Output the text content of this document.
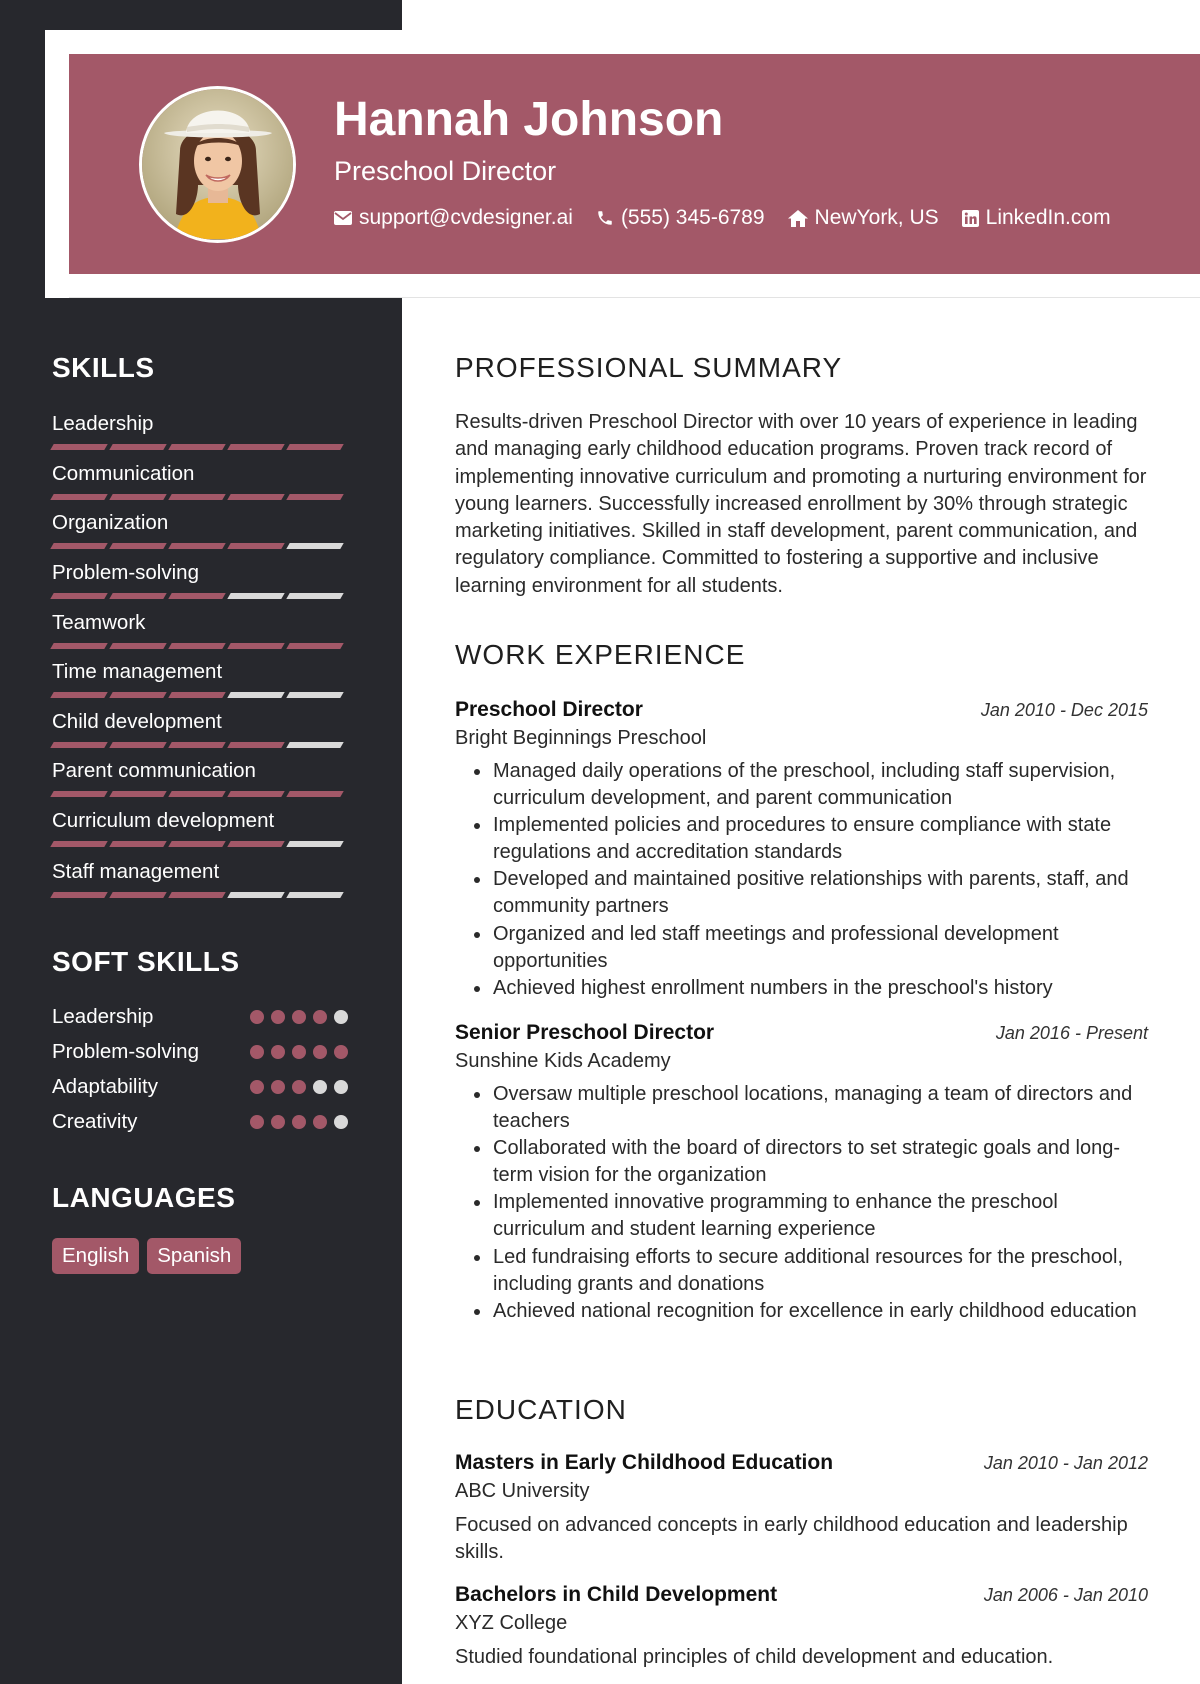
Hannah Johnson
Preschool Director
support@cvdesigner.ai (555) 345-6789 NewYork, US LinkedIn.com
SKILLS
Leadership
Communication
Organization
Problem-solving
Teamwork
Time management
Child development
Parent communication
Curriculum development
Staff management
SOFT SKILLS
Leadership
Problem-solving
Adaptability
Creativity
LANGUAGES
English	Spanish
PROFESSIONAL SUMMARY

Results-driven Preschool Director with over 10 years of experience in leading and managing early childhood education programs. Proven track record of implementing innovative curriculum and promoting a nurturing environment for young learners. Successfully increased enrollment by 30% through strategic marketing initiatives. Skilled in staff development, parent communication, and regulatory compliance. Committed to fostering a supportive and inclusive learning environment for all students.

WORK EXPERIENCE
Preschool Director	Jan 2010 - Dec 2015
Bright Beginnings Preschool
• Managed daily operations of the preschool, including staff supervision, curriculum development, and parent communication
• Implemented policies and procedures to ensure compliance with state regulations and accreditation standards
• Developed and maintained positive relationships with parents, staff, and community partners
• Organized and led staff meetings and professional development opportunities
• Achieved highest enrollment numbers in the preschool's history
Senior Preschool Director	Jan 2016 - Present
Sunshine Kids Academy
• Oversaw multiple preschool locations, managing a team of directors and teachers
• Collaborated with the board of directors to set strategic goals and long-term vision for the organization
• Implemented innovative programming to enhance the preschool curriculum and student learning experience
• Led fundraising efforts to secure additional resources for the preschool, including grants and donations
• Achieved national recognition for excellence in early childhood education
EDUCATION
Masters in Early Childhood Education	Jan 2010 - Jan 2012
ABC University
Focused on advanced concepts in early childhood education and leadership skills.
Bachelors in Child Development	Jan 2006 - Jan 2010
XYZ College
Studied foundational principles of child development and education.
